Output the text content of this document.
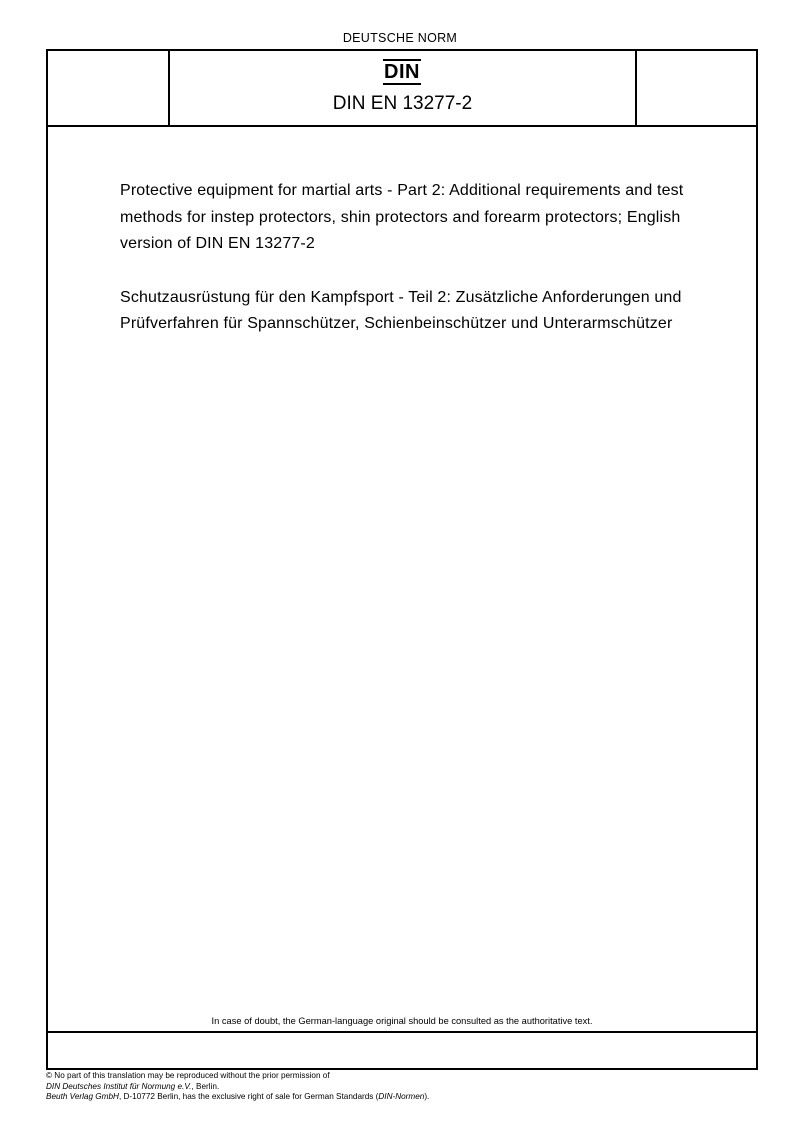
DEUTSCHE NORM
DIN
DIN EN 13277-2

Protective equipment for martial arts - Part 2: Additional requirements and test methods for instep protectors, shin protectors and forearm protectors; English version of DIN EN 13277-2

Schutzausrüstung für den Kampfsport - Teil 2: Zusätzliche Anforderungen und Prüfverfahren für Spannschützer, Schienbeinschützer und Unterarmschützer

In case of doubt, the German-language original should be consulted as the authoritative text.

© No part of this translation may be reproduced without the prior permission of

DIN Deutsches Institut für Normung e.V., Berlin.

Beuth Verlag GmbH, D-10772 Berlin, has the exclusive right of sale for German Standards (DIN-Normen).
